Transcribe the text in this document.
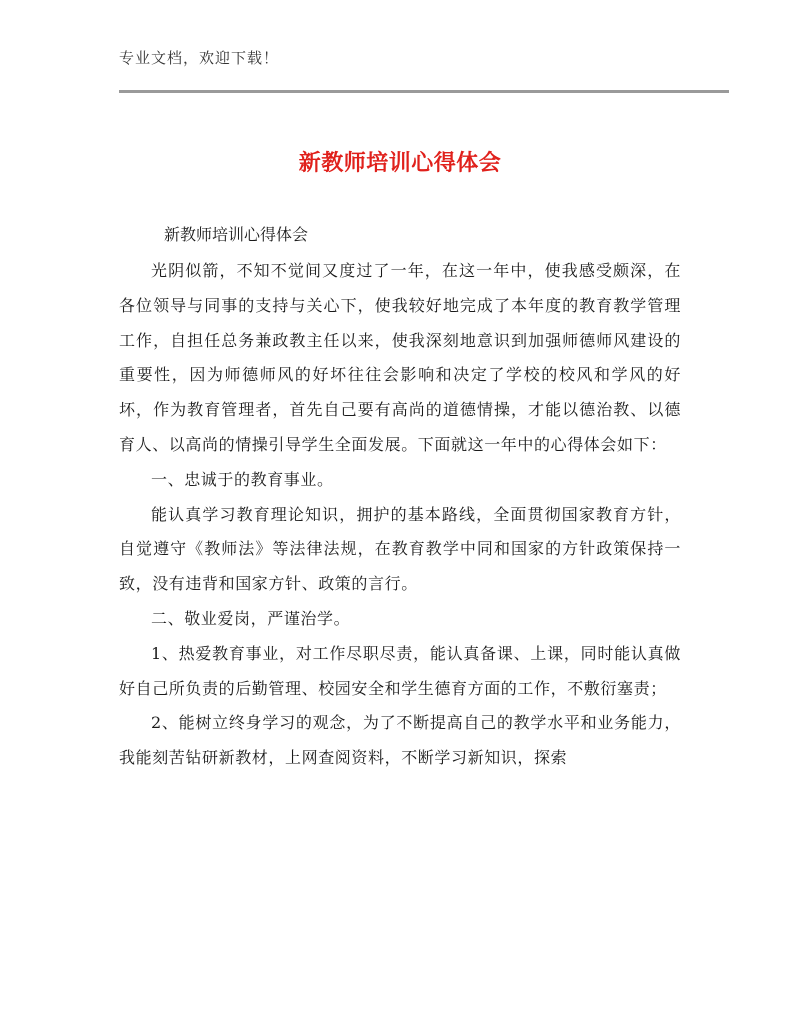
专业文档，欢迎下载！
新教师培训心得体会
新教师培训心得体会

光阴似箭，不知不觉间又度过了一年，在这一年中，使我感受颇深，在各位领导与同事的支持与关心下，使我较好地完成了本年度的教育教学管理工作，自担任总务兼政教主任以来，使我深刻地意识到加强师德师风建设的重要性，因为师德师风的好坏往往会影响和决定了学校的校风和学风的好坏，作为教育管理者，首先自己要有高尚的道德情操，才能以德治教、以德育人、以高尚的情操引导学生全面发展。下面就这一年中的心得体会如下：

一、忠诚于的教育事业。

能认真学习教育理论知识，拥护的基本路线，全面贯彻国家教育方针，自觉遵守《教师法》等法律法规，在教育教学中同和国家的方针政策保持一致，没有违背和国家方针、政策的言行。

二、敬业爱岗，严谨治学。

1、热爱教育事业，对工作尽职尽责，能认真备课、上课，同时能认真做好自己所负责的后勤管理、校园安全和学生德育方面的工作，不敷衍塞责；

2、能树立终身学习的观念，为了不断提高自己的教学水平和业务能力，我能刻苦钻研新教材，上网查阅资料，不断学习新知识，探索
